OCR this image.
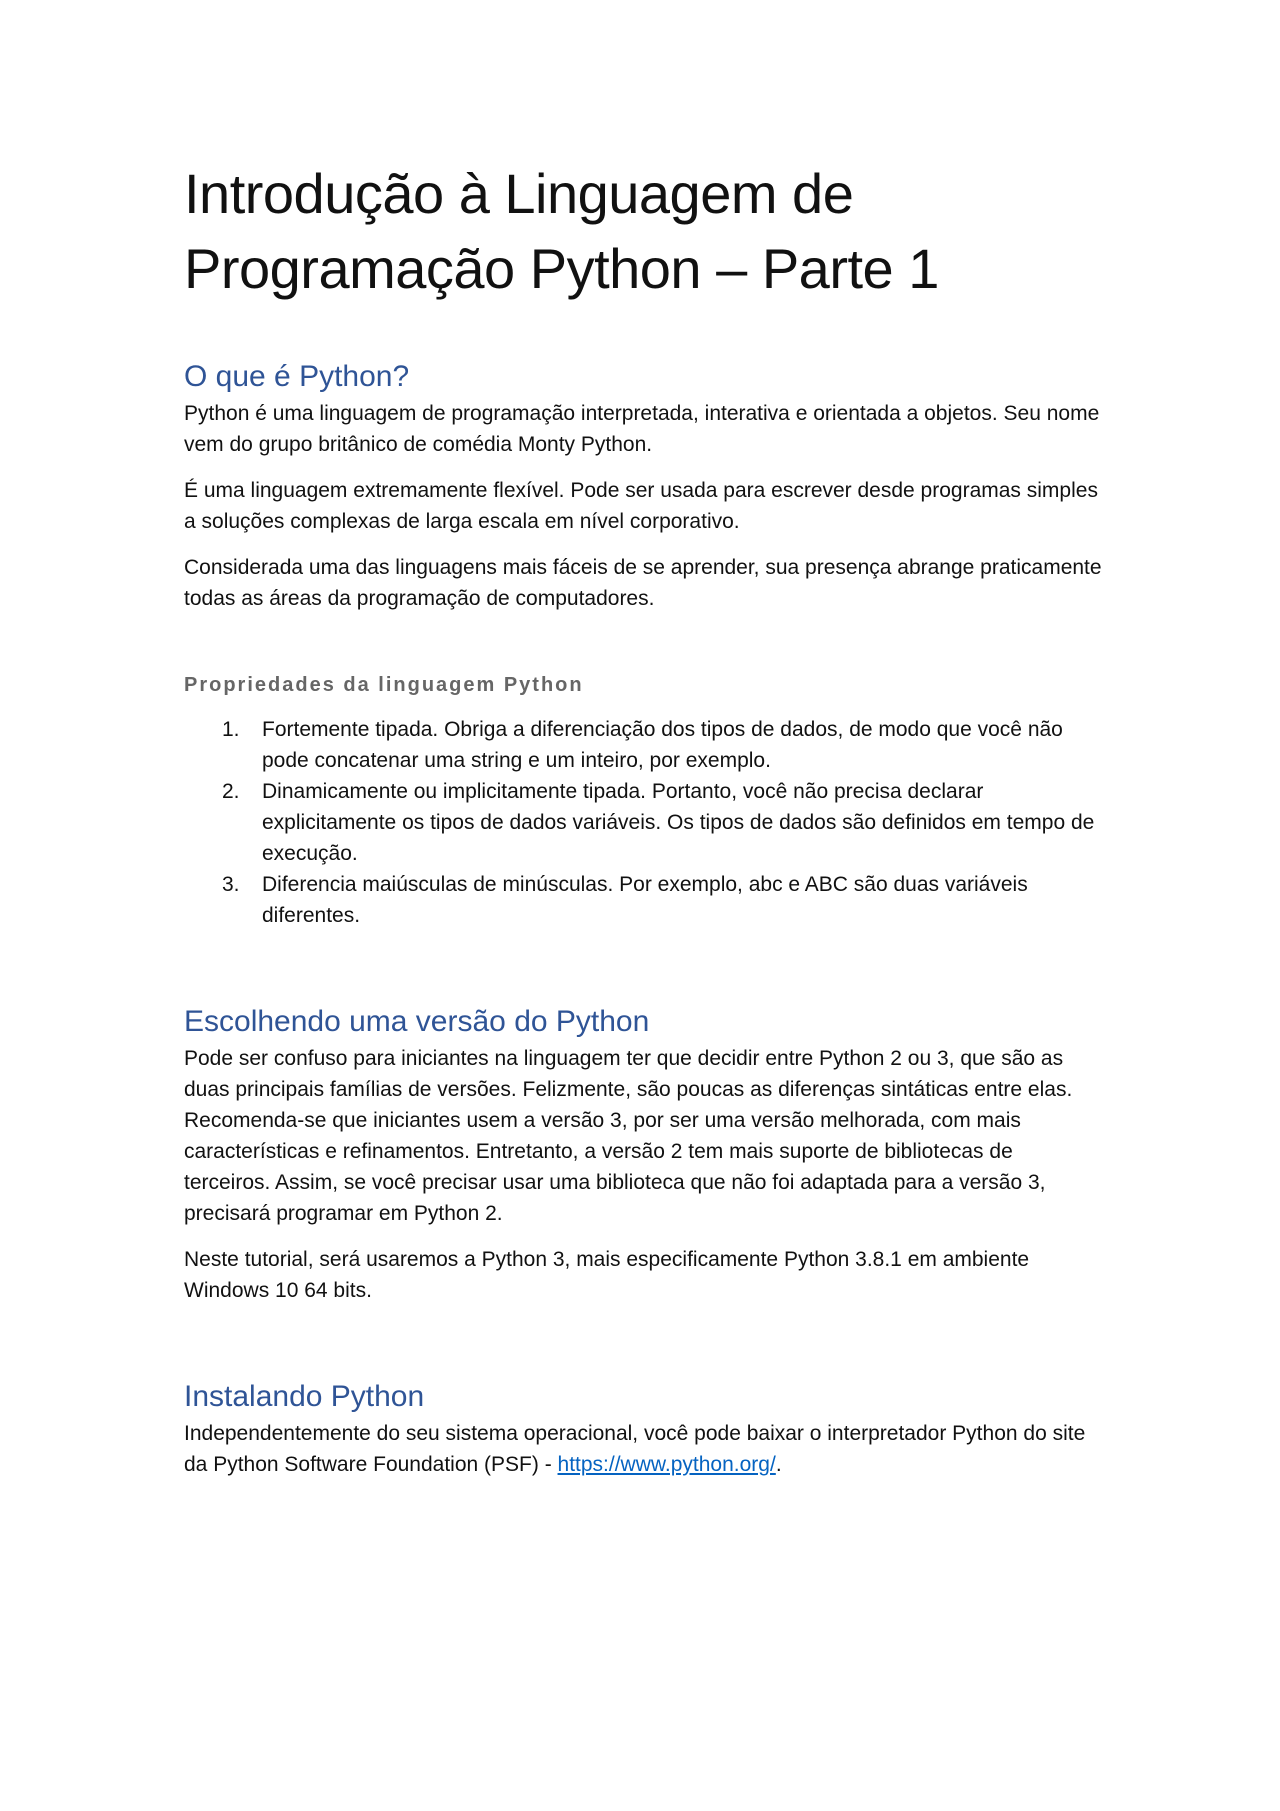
Introdução à Linguagem de
Programação Python – Parte 1
O que é Python?

Python é uma linguagem de programação interpretada, interativa e orientada a objetos. Seu nome vem do grupo britânico de comédia Monty Python.

É uma linguagem extremamente flexível. Pode ser usada para escrever desde programas simples a soluções complexas de larga escala em nível corporativo.

Considerada uma das linguagens mais fáceis de se aprender, sua presença abrange praticamente todas as áreas da programação de computadores.

Propriedades da linguagem Python
1. Fortemente tipada. Obriga a diferenciação dos tipos de dados, de modo que você não pode concatenar uma string e um inteiro, por exemplo.
2. Dinamicamente ou implicitamente tipada. Portanto, você não precisa declarar explicitamente os tipos de dados variáveis. Os tipos de dados são definidos em tempo de execução.
3. Diferencia maiúsculas de minúsculas. Por exemplo, abc e ABC são duas variáveis diferentes.
Escolhendo uma versão do Python

Pode ser confuso para iniciantes na linguagem ter que decidir entre Python 2 ou 3, que são as duas principais famílias de versões. Felizmente, são poucas as diferenças sintáticas entre elas. Recomenda-se que iniciantes usem a versão 3, por ser uma versão melhorada, com mais características e refinamentos. Entretanto, a versão 2 tem mais suporte de bibliotecas de terceiros. Assim, se você precisar usar uma biblioteca que não foi adaptada para a versão 3, precisará programar em Python 2.

Neste tutorial, será usaremos a Python 3, mais especificamente Python 3.8.1 em ambiente Windows 10 64 bits.

Instalando Python

Independentemente do seu sistema operacional, você pode baixar o interpretador Python do site da Python Software Foundation (PSF) - https://www.python.org/.
